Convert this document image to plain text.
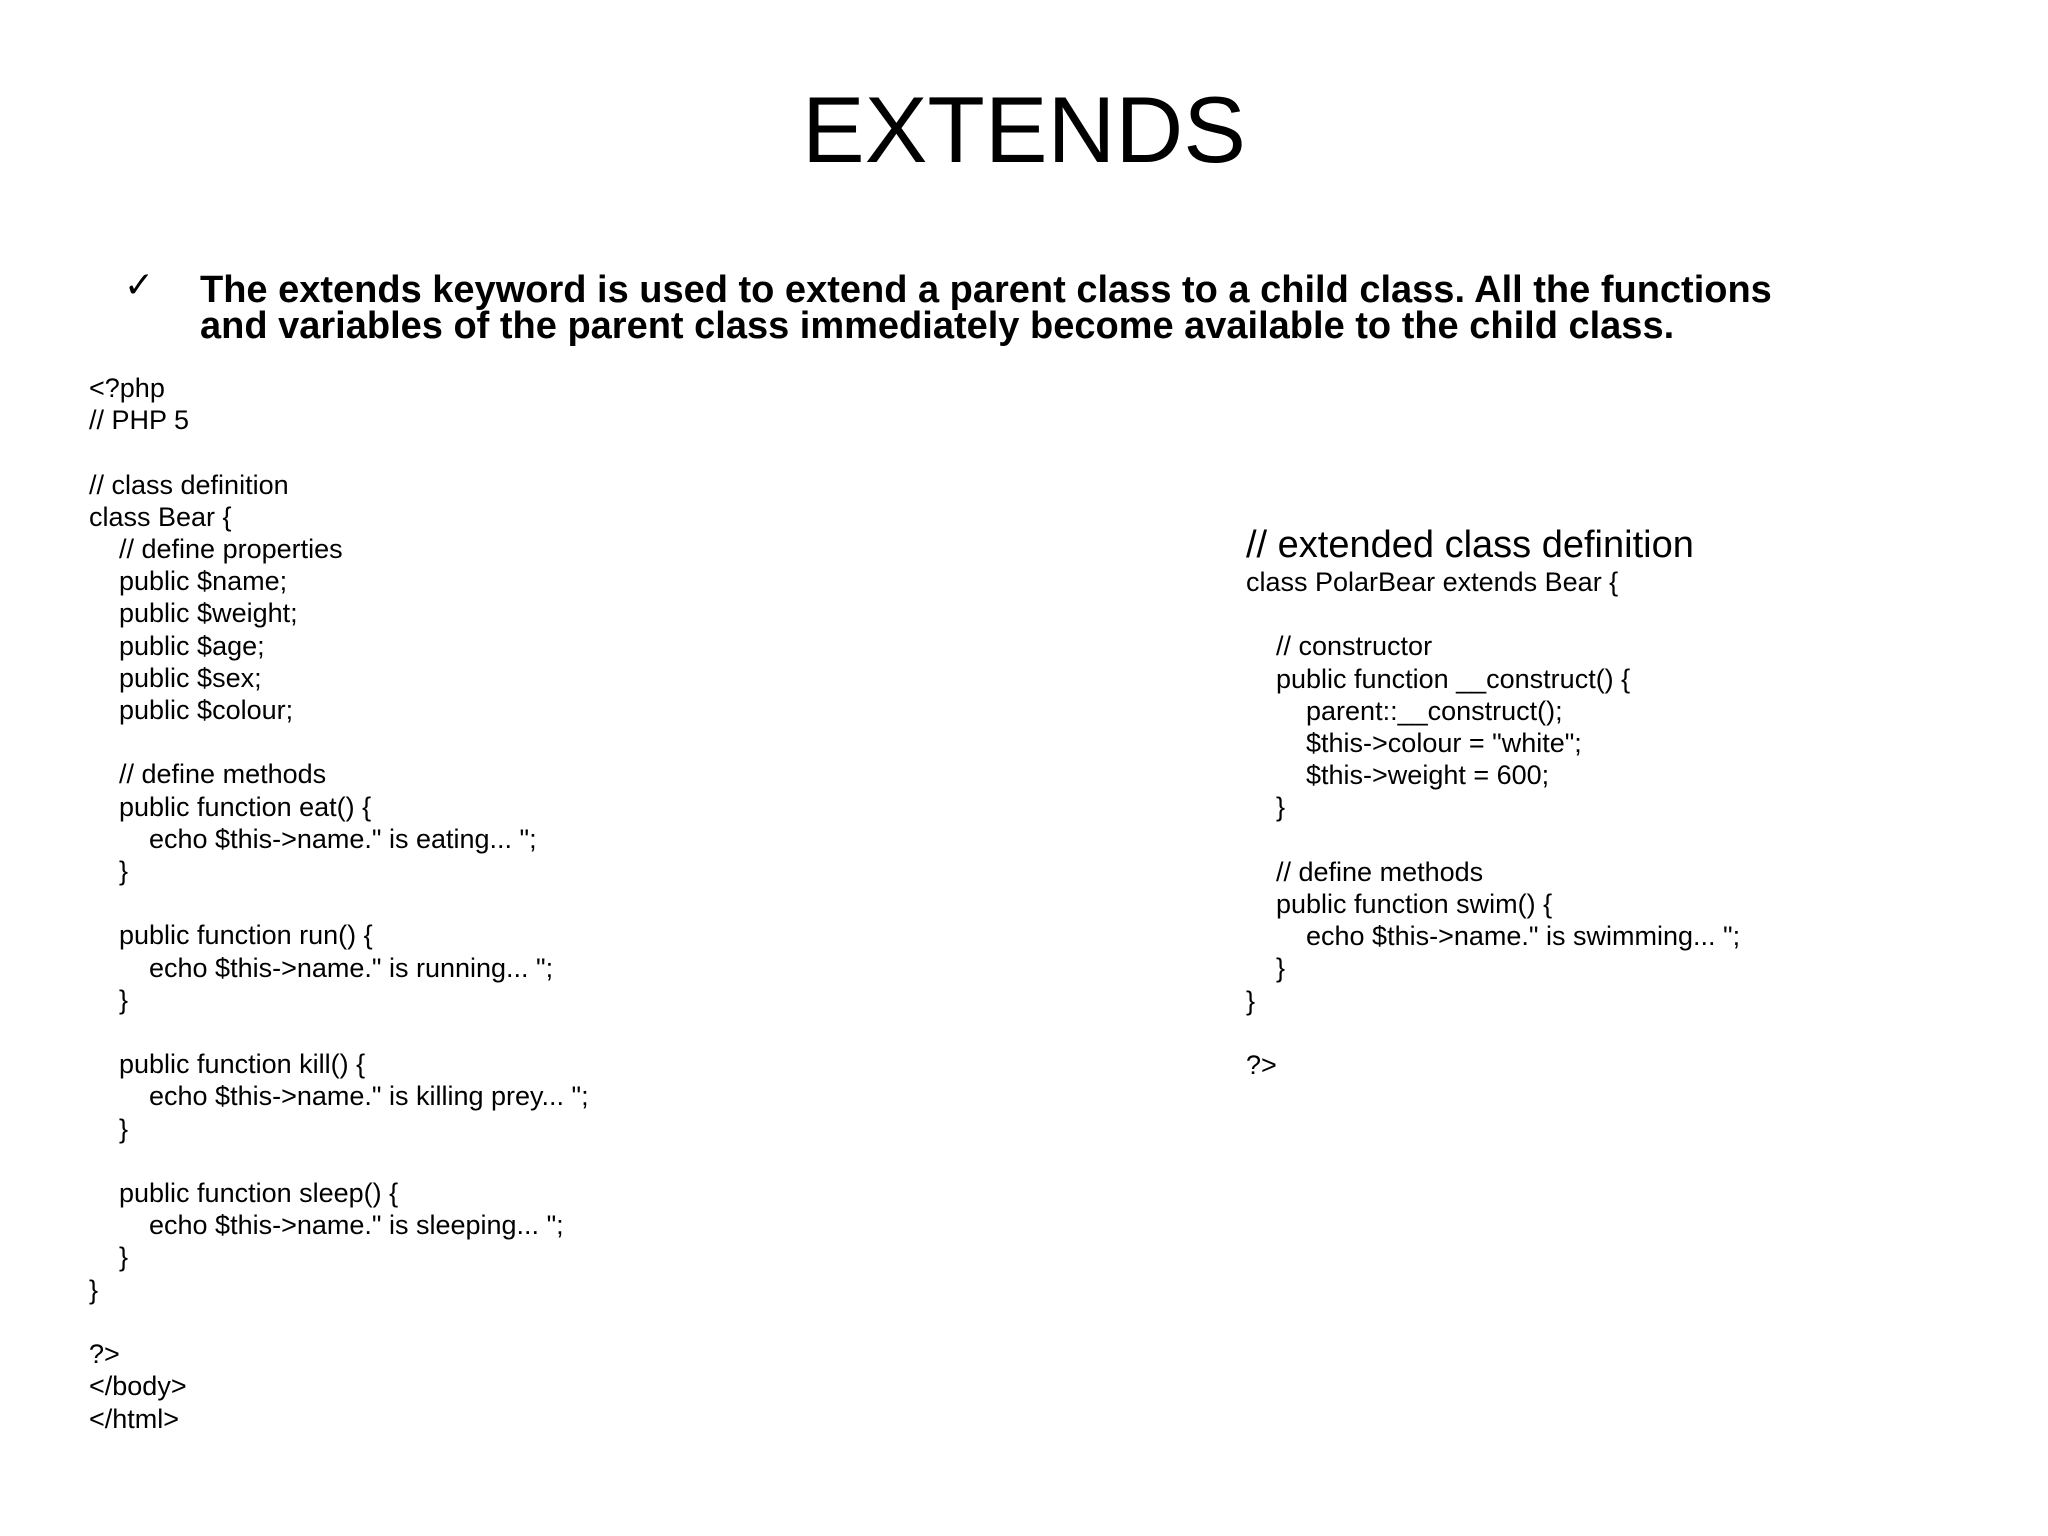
EXTENDS
✓ The extends keyword is used to extend a parent class to a child class. All the functions
and variables of the parent class immediately become available to the child class.
<?php
// PHP 5

// class definition
class Bear {
// define properties
public $name;
public $weight;
public $age;
public $sex;
public $colour;

// define methods
public function eat() {
echo $this->name." is eating... ";
}

public function run() {
echo $this->name." is running... ";
}

public function kill() {
echo $this->name." is killing prey... ";
}

public function sleep() {
echo $this->name." is sleeping... ";
}
}

?>
</body>
</html>
// extended class definition
class PolarBear extends Bear {

// constructor
public function __construct() {
parent::__construct();
$this->colour = "white";
$this->weight = 600;
}

// define methods
public function swim() {
echo $this->name." is swimming... ";
}
}

?>
